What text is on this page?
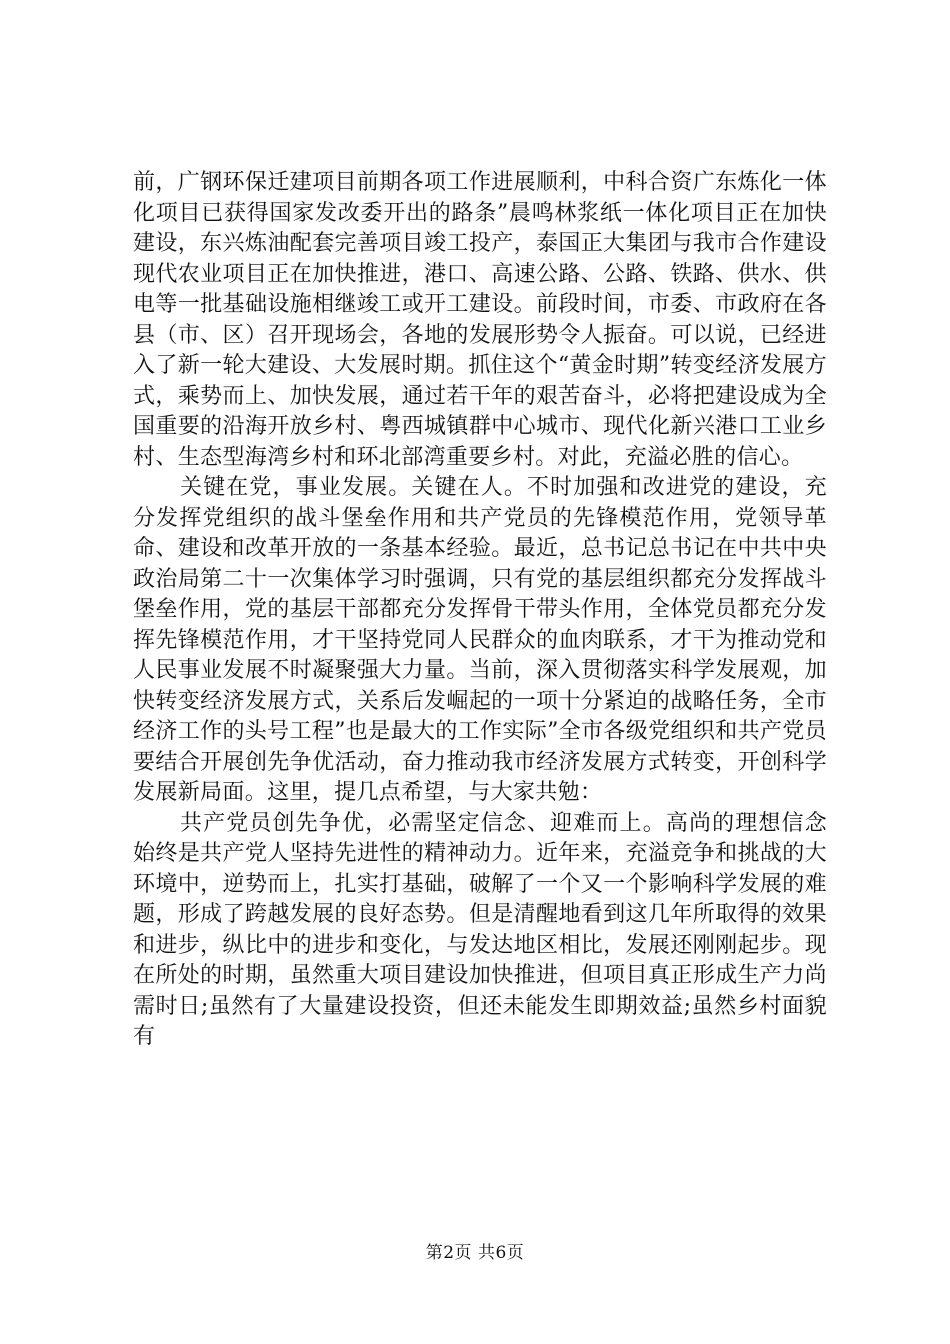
前，广钢环保迁建项目前期各项工作进展顺利，中科合资广东炼化一体化项目已获得国家发改委开出的路条”晨鸣林浆纸一体化项目正在加快建设，东兴炼油配套完善项目竣工投产，泰国正大集团与我市合作建设现代农业项目正在加快推进，港口、高速公路、公路、铁路、供水、供电等一批基础设施相继竣工或开工建设。前段时间，市委、市政府在各县（市、区）召开现场会，各地的发展形势令人振奋。可以说，已经进入了新一轮大建设、大发展时期。抓住这个“黄金时期”转变经济发展方式，乘势而上、加快发展，通过若干年的艰苦奋斗，必将把建设成为全国重要的沿海开放乡村、粤西城镇群中心城市、现代化新兴港口工业乡村、生态型海湾乡村和环北部湾重要乡村。对此，充溢必胜的信心。

关键在党，事业发展。关键在人。不时加强和改进党的建设，充分发挥党组织的战斗堡垒作用和共产党员的先锋模范作用，党领导革命、建设和改革开放的一条基本经验。最近，总书记总书记在中共中央政治局第二十一次集体学习时强调，只有党的基层组织都充分发挥战斗堡垒作用，党的基层干部都充分发挥骨干带头作用，全体党员都充分发挥先锋模范作用，才干坚持党同人民群众的血肉联系，才干为推动党和人民事业发展不时凝聚强大力量。当前，深入贯彻落实科学发展观，加快转变经济发展方式，关系后发崛起的一项十分紧迫的战略任务，全市经济工作的头号工程”也是最大的工作实际”全市各级党组织和共产党员要结合开展创先争优活动，奋力推动我市经济发展方式转变，开创科学发展新局面。这里，提几点希望，与大家共勉：

共产党员创先争优，必需坚定信念、迎难而上。高尚的理想信念始终是共产党人坚持先进性的精神动力。近年来，充溢竞争和挑战的大环境中，逆势而上，扎实打基础，破解了一个又一个影响科学发展的难题，形成了跨越发展的良好态势。但是清醒地看到这几年所取得的效果和进步，纵比中的进步和变化，与发达地区相比，发展还刚刚起步。现在所处的时期，虽然重大项目建设加快推进，但项目真正形成生产力尚需时日;虽然有了大量建设投资，但还未能发生即期效益;虽然乡村面貌有

第2页 共6页
